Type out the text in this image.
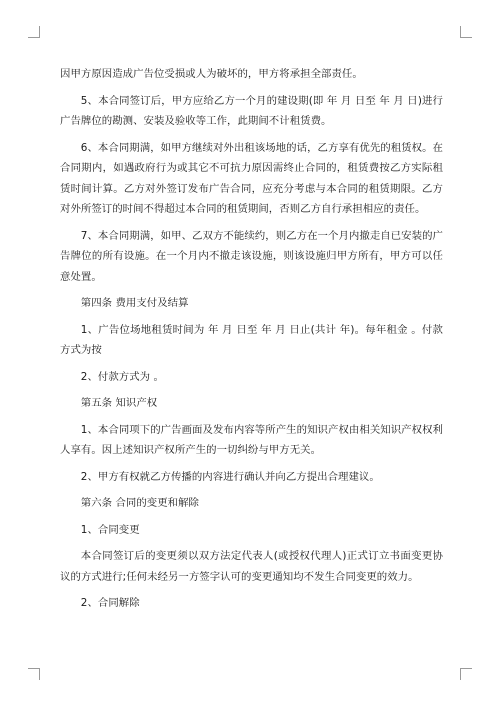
因甲方原因造成广告位受损或人为破坏的，甲方将承担全部责任。

5、本合同签订后，甲方应给乙方一个月的建设期(即 年 月 日至 年 月 日)进行广告牌位的勘测、安装及验收等工作，此期间不计租赁费。

6、本合同期满，如甲方继续对外出租该场地的话，乙方享有优先的租赁权。在合同期内，如遇政府行为或其它不可抗力原因需终止合同的，租赁费按乙方实际租赁时间计算。乙方对外签订发布广告合同，应充分考虑与本合同的租赁期限。乙方对外所签订的时间不得超过本合同的租赁期间，否则乙方自行承担相应的责任。

7、本合同期满，如甲、乙双方不能续约，则乙方在一个月内撤走自已安装的广告牌位的所有设施。在一个月内不撤走该设施，则该设施归甲方所有，甲方可以任意处置。

第四条 费用支付及结算

1、广告位场地租赁时间为 年 月 日至 年 月 日止(共计 年)。每年租金 。付款方式为按

2、付款方式为 。

第五条 知识产权

1、本合同项下的广告画面及发布内容等所产生的知识产权由相关知识产权权利人享有。因上述知识产权所产生的一切纠纷与甲方无关。

2、甲方有权就乙方传播的内容进行确认并向乙方提出合理建议。

第六条 合同的变更和解除

1、合同变更

本合同签订后的变更须以双方法定代表人(或授权代理人)正式订立书面变更协议的方式进行;任何未经另一方签字认可的变更通知均不发生合同变更的效力。

2、合同解除
